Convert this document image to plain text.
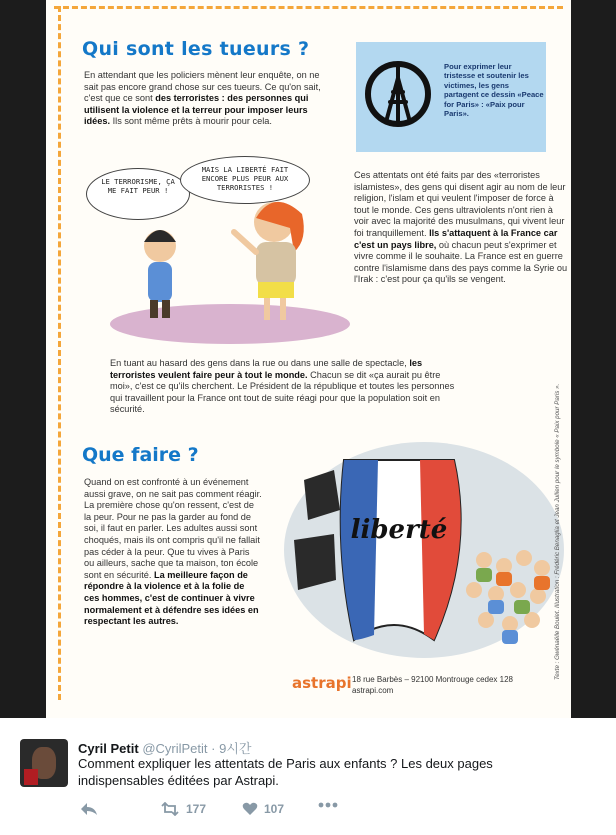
Qui sont les tueurs ?
En attendant que les policiers mènent leur enquête, on ne sait pas encore grand chose sur ces tueurs. Ce qu'on sait, c'est que ce sont des terroristes : des personnes qui utilisent la violence et la terreur pour imposer leurs idées. Ils sont même prêts à mourir pour cela.
Pour exprimer leur tristesse et soutenir les victimes, les gens partagent ce dessin «Peace for Paris» : «Paix pour Paris».
LE TERRORISME, ÇA ME FAIT PEUR !
MAIS LA LIBERTÉ FAIT ENCORE PLUS PEUR AUX TERRORISTES !
Ces attentats ont été faits par des «terroristes islamistes», des gens qui disent agir au nom de leur religion, l'islam et qui veulent l'imposer de force à tout le monde. Ces gens ultraviolents n'ont rien à voir avec la majorité des musulmans, qui vivent leur foi tranquillement. Ils s'attaquent à la France car c'est un pays libre, où chacun peut s'exprimer et vivre comme il le souhaite. La France est en guerre contre l'islamisme dans des pays comme la Syrie ou l'Irak : c'est pour ça qu'ils se vengent.
En tuant au hasard des gens dans la rue ou dans une salle de spectacle, les terroristes veulent faire peur à tout le monde. Chacun se dit «ça aurait pu être moi», c'est ce qu'ils cherchent. Le Président de la république et toutes les personnes qui travaillent pour la France ont tout de suite réagi pour que la population soit en sécurité.
Que faire ?
Quand on est confronté à un événement aussi grave, on ne sait pas comment réagir. La première chose qu'on ressent, c'est de la peur. Pour ne pas la garder au fond de soi, il faut en parler. Les adultes aussi sont choqués, mais ils ont compris qu'il ne fallait pas céder à la peur. Que tu vives à Paris ou ailleurs, sache que ta maison, ton école sont en sécurité. La meilleure façon de répondre à la violence et à la folie de ces hommes, c'est de continuer à vivre normalement et à défendre ses idées en respectant les autres.
liberté	Texte : Gwénaëlle Boulet. Illustration : Frédéric Benaglia et Jean Jullien pour le symbole « Paix pour Paris ».
astrapi 18 rue Barbès – 92100 Montrouge cedex 128
astrapi.com
Cyril Petit @CyrilPetit · 9시간
Comment expliquer les attentats de Paris aux enfants ? Les deux pages indispensables éditées par Astrapi.
177	107
